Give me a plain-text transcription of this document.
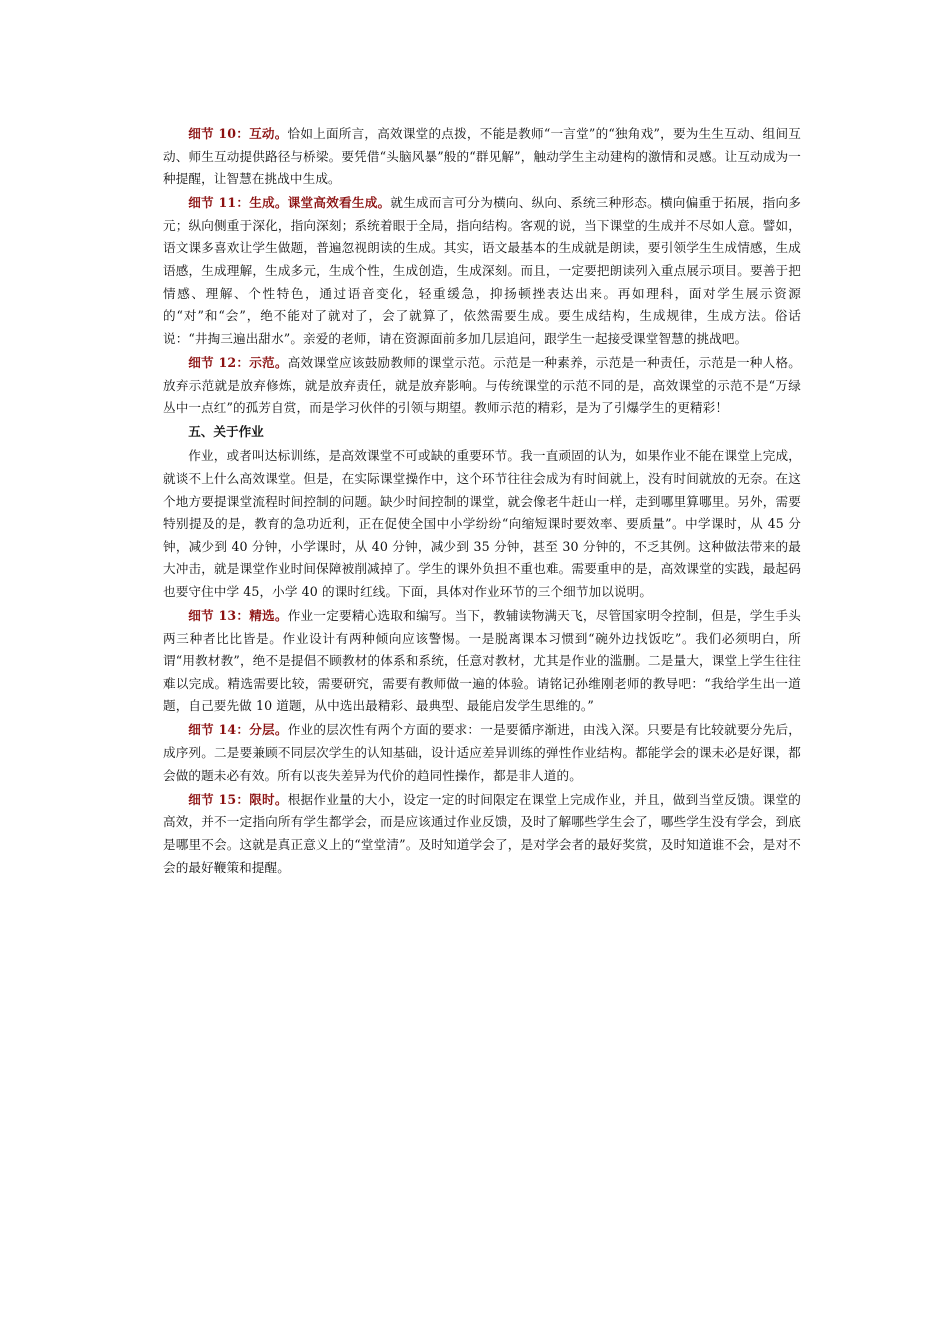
细节 10：互动。恰如上面所言，高效课堂的点拨，不能是教师“一言堂”的“独角戏”，要为生生互动、组间互动、师生互动提供路径与桥梁。要凭借“头脑风暴”般的“群见解”，触动学生主动建构的激情和灵感。让互动成为一种提醒，让智慧在挑战中生成。

细节 11：生成。课堂高效看生成。就生成而言可分为横向、纵向、系统三种形态。横向偏重于拓展，指向多元；纵向侧重于深化，指向深刻；系统着眼于全局，指向结构。客观的说，当下课堂的生成并不尽如人意。譬如，语文课多喜欢让学生做题，普遍忽视朗读的生成。其实，语文最基本的生成就是朗读，要引领学生生成情感，生成语感，生成理解，生成多元，生成个性，生成创造，生成深刻。而且，一定要把朗读列入重点展示项目。要善于把情感、理解、个性特色，通过语音变化，轻重缓急，抑扬顿挫表达出来。再如理科，面对学生展示资源的“对”和“会”，绝不能对了就对了，会了就算了，依然需要生成。要生成结构，生成规律，生成方法。俗话说：“井掏三遍出甜水”。亲爱的老师，请在资源面前多加几层追问，跟学生一起接受课堂智慧的挑战吧。

细节 12：示范。高效课堂应该鼓励教师的课堂示范。示范是一种素养，示范是一种责任，示范是一种人格。放弃示范就是放弃修炼，就是放弃责任，就是放弃影响。与传统课堂的示范不同的是，高效课堂的示范不是“万绿丛中一点红”的孤芳自赏，而是学习伙伴的引领与期望。教师示范的精彩，是为了引爆学生的更精彩！

五、关于作业

作业，或者叫达标训练，是高效课堂不可或缺的重要环节。我一直顽固的认为，如果作业不能在课堂上完成，就谈不上什么高效课堂。但是，在实际课堂操作中，这个环节往往会成为有时间就上，没有时间就放的无奈。在这个地方要提课堂流程时间控制的问题。缺少时间控制的课堂，就会像老牛赶山一样，走到哪里算哪里。另外，需要特别提及的是，教育的急功近利，正在促使全国中小学纷纷“向缩短课时要效率、要质量”。中学课时，从 45 分钟，减少到 40 分钟，小学课时，从 40 分钟，减少到 35 分钟，甚至 30 分钟的，不乏其例。这种做法带来的最大冲击，就是课堂作业时间保障被削减掉了。学生的课外负担不重也难。需要重申的是，高效课堂的实践，最起码也要守住中学 45，小学 40 的课时红线。下面，具体对作业环节的三个细节加以说明。

细节 13：精选。作业一定要精心选取和编写。当下，教辅读物满天飞，尽管国家明令控制，但是，学生手头两三种者比比皆是。作业设计有两种倾向应该警惕。一是脱离课本习惯到“碗外边找饭吃”。我们必须明白，所谓“用教材教”，绝不是提倡不顾教材的体系和系统，任意对教材，尤其是作业的滥删。二是量大，课堂上学生往往难以完成。精选需要比较，需要研究，需要有教师做一遍的体验。请铭记孙维刚老师的教导吧：“我给学生出一道题，自己要先做 10 道题，从中选出最精彩、最典型、最能启发学生思维的。”

细节 14：分层。作业的层次性有两个方面的要求：一是要循序渐进，由浅入深。只要是有比较就要分先后，成序列。二是要兼顾不同层次学生的认知基础，设计适应差异训练的弹性作业结构。都能学会的课未必是好课，都会做的题未必有效。所有以丧失差异为代价的趋同性操作，都是非人道的。

细节 15：限时。根据作业量的大小，设定一定的时间限定在课堂上完成作业，并且，做到当堂反馈。课堂的高效，并不一定指向所有学生都学会，而是应该通过作业反馈，及时了解哪些学生会了，哪些学生没有学会，到底是哪里不会。这就是真正意义上的“堂堂清”。及时知道学会了，是对学会者的最好奖赏，及时知道谁不会，是对不会的最好鞭策和提醒。
